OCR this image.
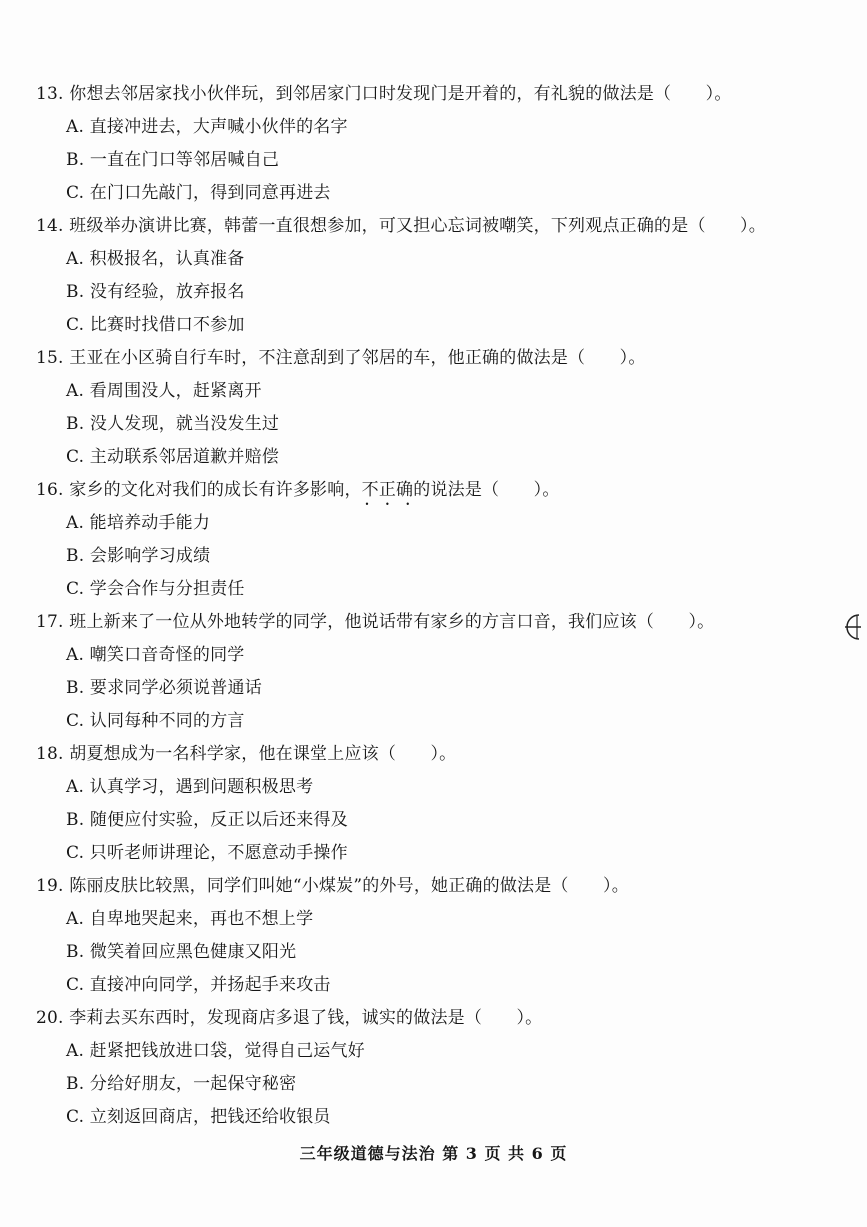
13. 你想去邻居家找小伙伴玩，到邻居家门口时发现门是开着的，有礼貌的做法是（　　）。
A. 直接冲进去，大声喊小伙伴的名字
B. 一直在门口等邻居喊自己
C. 在门口先敲门，得到同意再进去
14. 班级举办演讲比赛，韩蕾一直很想参加，可又担心忘词被嘲笑，下列观点正确的是（　　）。
A. 积极报名，认真准备
B. 没有经验，放弃报名
C. 比赛时找借口不参加
15. 王亚在小区骑自行车时，不注意刮到了邻居的车，他正确的做法是（　　）。
A. 看周围没人，赶紧离开
B. 没人发现，就当没发生过
C. 主动联系邻居道歉并赔偿
16. 家乡的文化对我们的成长有许多影响，不正确 • •的说法是（　　）。
A. 能培养动手能力
B. 会影响学习成绩
C. 学会合作与分担责任
17. 班上新来了一位从外地转学的同学，他说话带有家乡的方言口音，我们应该（　　）。
A. 嘲笑口音奇怪的同学
B. 要求同学必须说普通话
C. 认同每种不同的方言
18. 胡夏想成为一名科学家，他在课堂上应该（　　）。
A. 认真学习，遇到问题积极思考
B. 随便应付实验，反正以后还来得及
C. 只听老师讲理论，不愿意动手操作
19. 陈丽皮肤比较黑，同学们叫她“小煤炭”的外号，她正确的做法是（　　）。
A. 自卑地哭起来，再也不想上学
B. 微笑着回应黑色健康又阳光
C. 直接冲向同学，并扬起手来攻击
20. 李莉去买东西时，发现商店多退了钱，诚实的做法是（　　）。
A. 赶紧把钱放进口袋，觉得自己运气好
B. 分给好朋友，一起保守秘密
C. 立刻返回商店，把钱还给收银员
三年级道德与法治 第 3 页 共 6 页
